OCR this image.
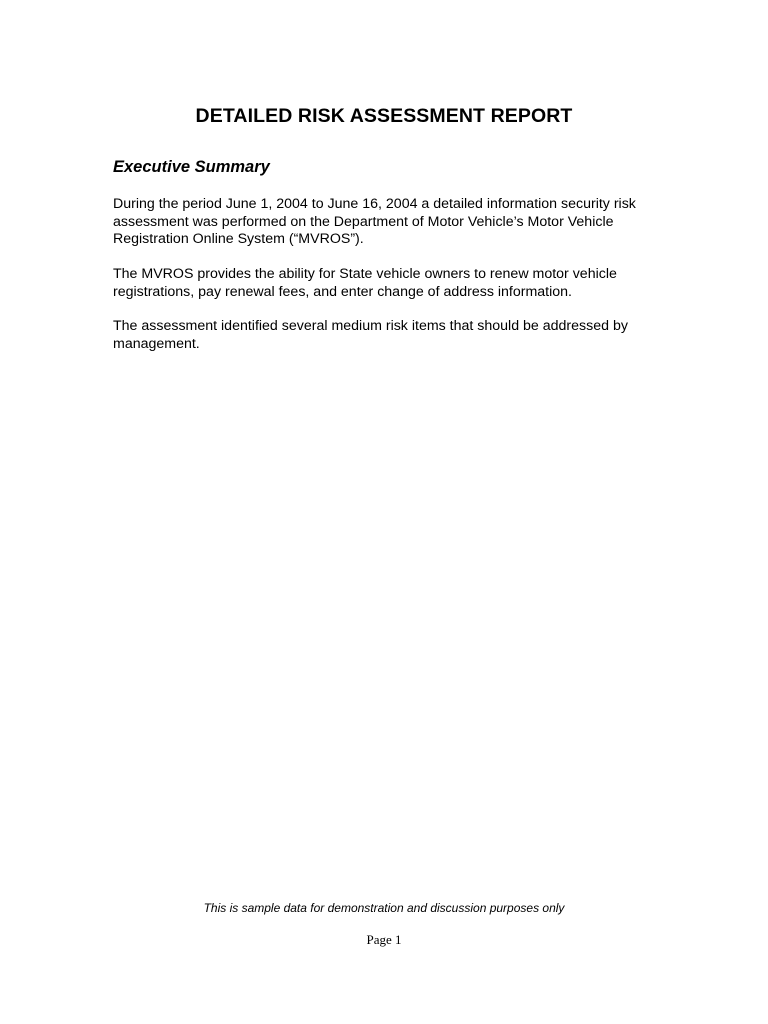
DETAILED RISK ASSESSMENT REPORT
Executive Summary

During the period June 1, 2004 to June 16, 2004 a detailed information security risk assessment was performed on the Department of Motor Vehicle’s Motor Vehicle Registration Online System (“MVROS”).

The MVROS provides the ability for State vehicle owners to renew motor vehicle registrations, pay renewal fees, and enter change of address information.

The assessment identified several medium risk items that should be addressed by management.

This is sample data for demonstration and discussion purposes only

Page 1
